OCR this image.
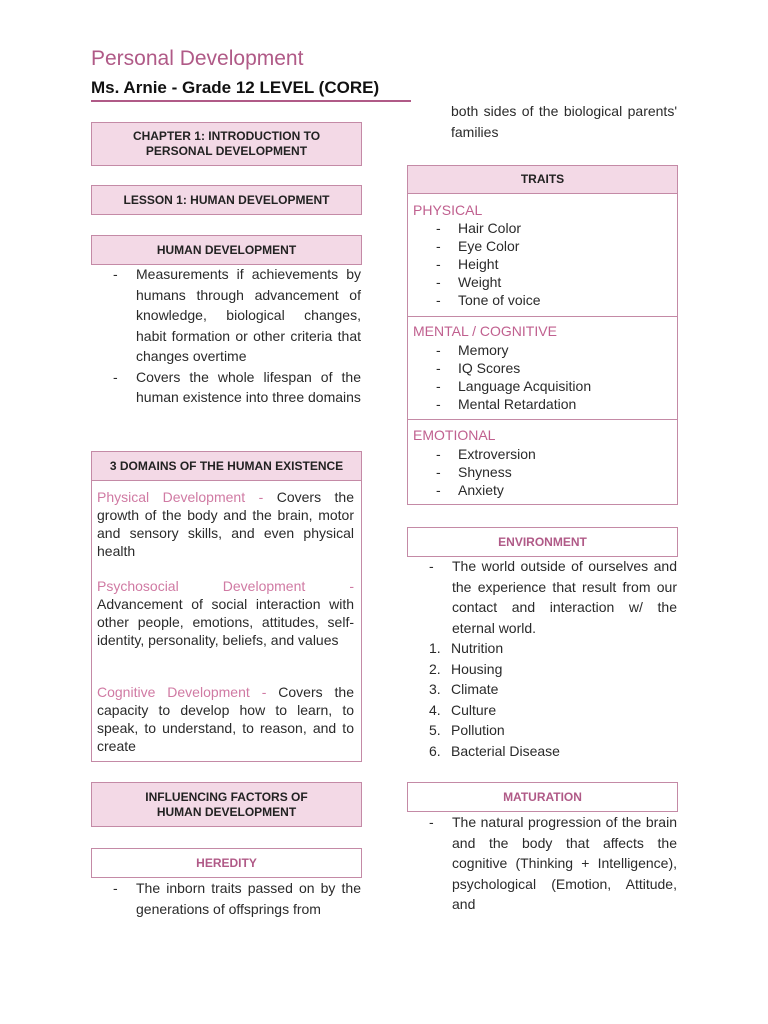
Personal Development
Ms. Arnie - Grade 12 LEVEL (CORE)
CHAPTER 1: INTRODUCTION TO PERSONAL DEVELOPMENT
LESSON 1: HUMAN DEVELOPMENT
HUMAN DEVELOPMENT
- Measurements if achievements by humans through advancement of knowledge, biological changes, habit formation or other criteria that changes overtime
- Covers the whole lifespan of the human existence into three domains
3 DOMAINS OF THE HUMAN EXISTENCE
Physical Development - Covers the growth of the body and the brain, motor and sensory skills, and even physical health
Psychosocial Development - Advancement of social interaction with other people, emotions, attitudes, self-identity, personality, beliefs, and values
Cognitive Development - Covers the capacity to develop how to learn, to speak, to understand, to reason, and to create
INFLUENCING FACTORS OF HUMAN DEVELOPMENT
HEREDITY
- The inborn traits passed on by the generations of offsprings from
both sides of the biological parents' families
TRAITS
PHYSICAL
- Hair Color
- Eye Color
- Height
- Weight
- Tone of voice
MENTAL / COGNITIVE
- Memory
- IQ Scores
- Language Acquisition
- Mental Retardation
EMOTIONAL
- Extroversion
- Shyness
- Anxiety
ENVIRONMENT
- The world outside of ourselves and the experience that result from our contact and interaction w/ the eternal world.
1. Nutrition
2. Housing
3. Climate
4. Culture
5. Pollution
6. Bacterial Disease
MATURATION
- The natural progression of the brain and the body that affects the cognitive (Thinking + Intelligence), psychological (Emotion, Attitude, and
